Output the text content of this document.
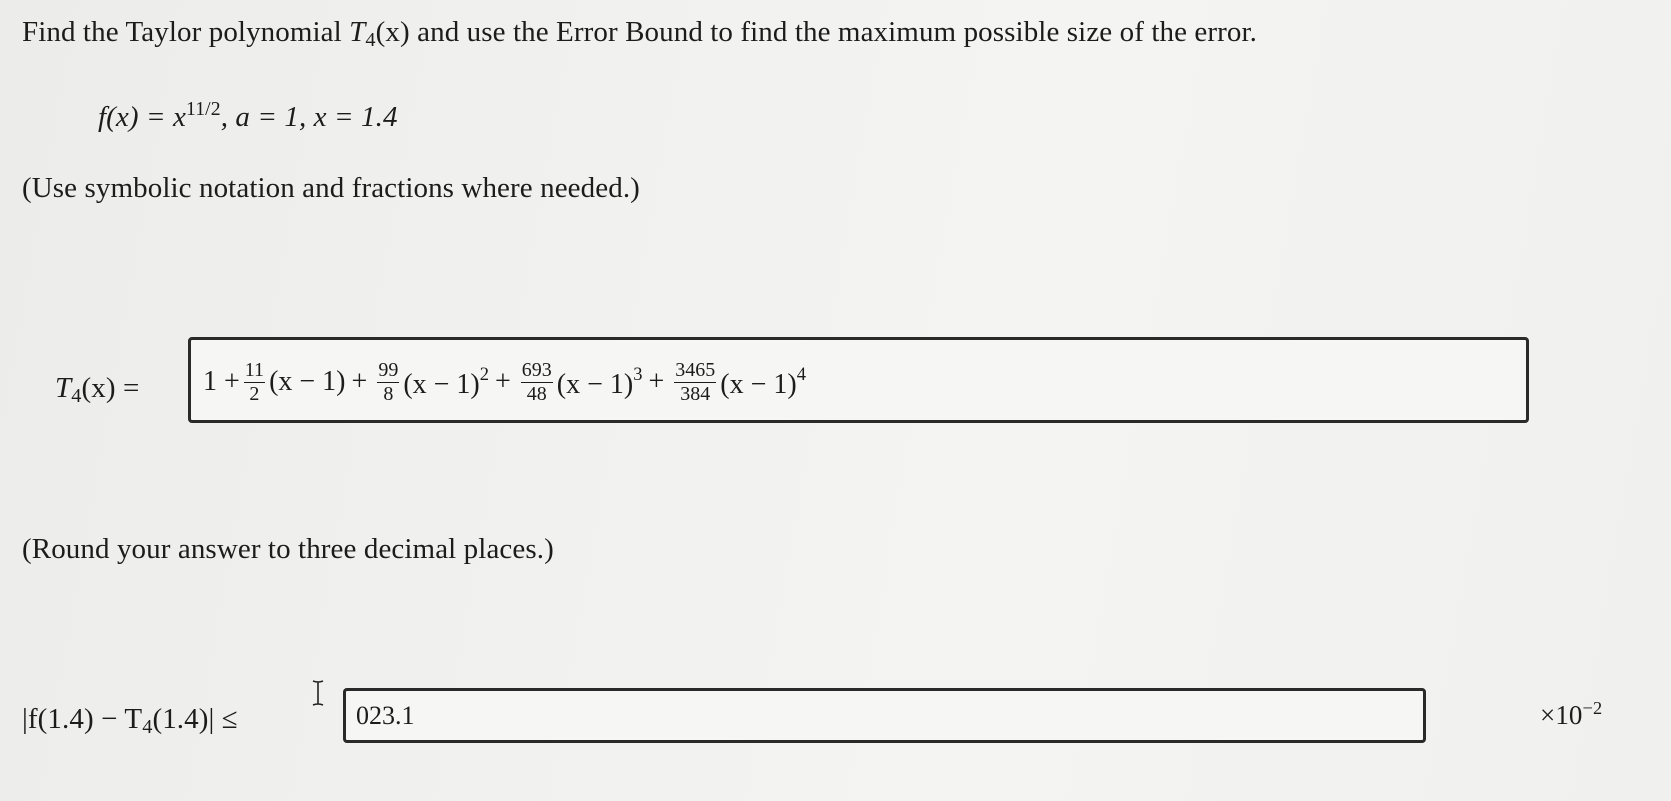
Find the Taylor polynomial $T_4(x)$ and use the Error Bound to find the maximum possible size of the error.
$f(x) = x^{11/2}$, a = 1, x = 1.4
(Use symbolic notation and fractions where needed.)
$T_4(x) = 1 + \frac{11}{2} (x - 1) + \frac{99}{8} (x - 1)^2 + \frac{693}{48} (x - 1)^3 + \frac{3465}{384} (x - 1)^4$
(Round your answer to three decimal places.)
$|f(1.4) - T_4(1.4)|$ ≤	023.1	$\times 10^{-2}$
